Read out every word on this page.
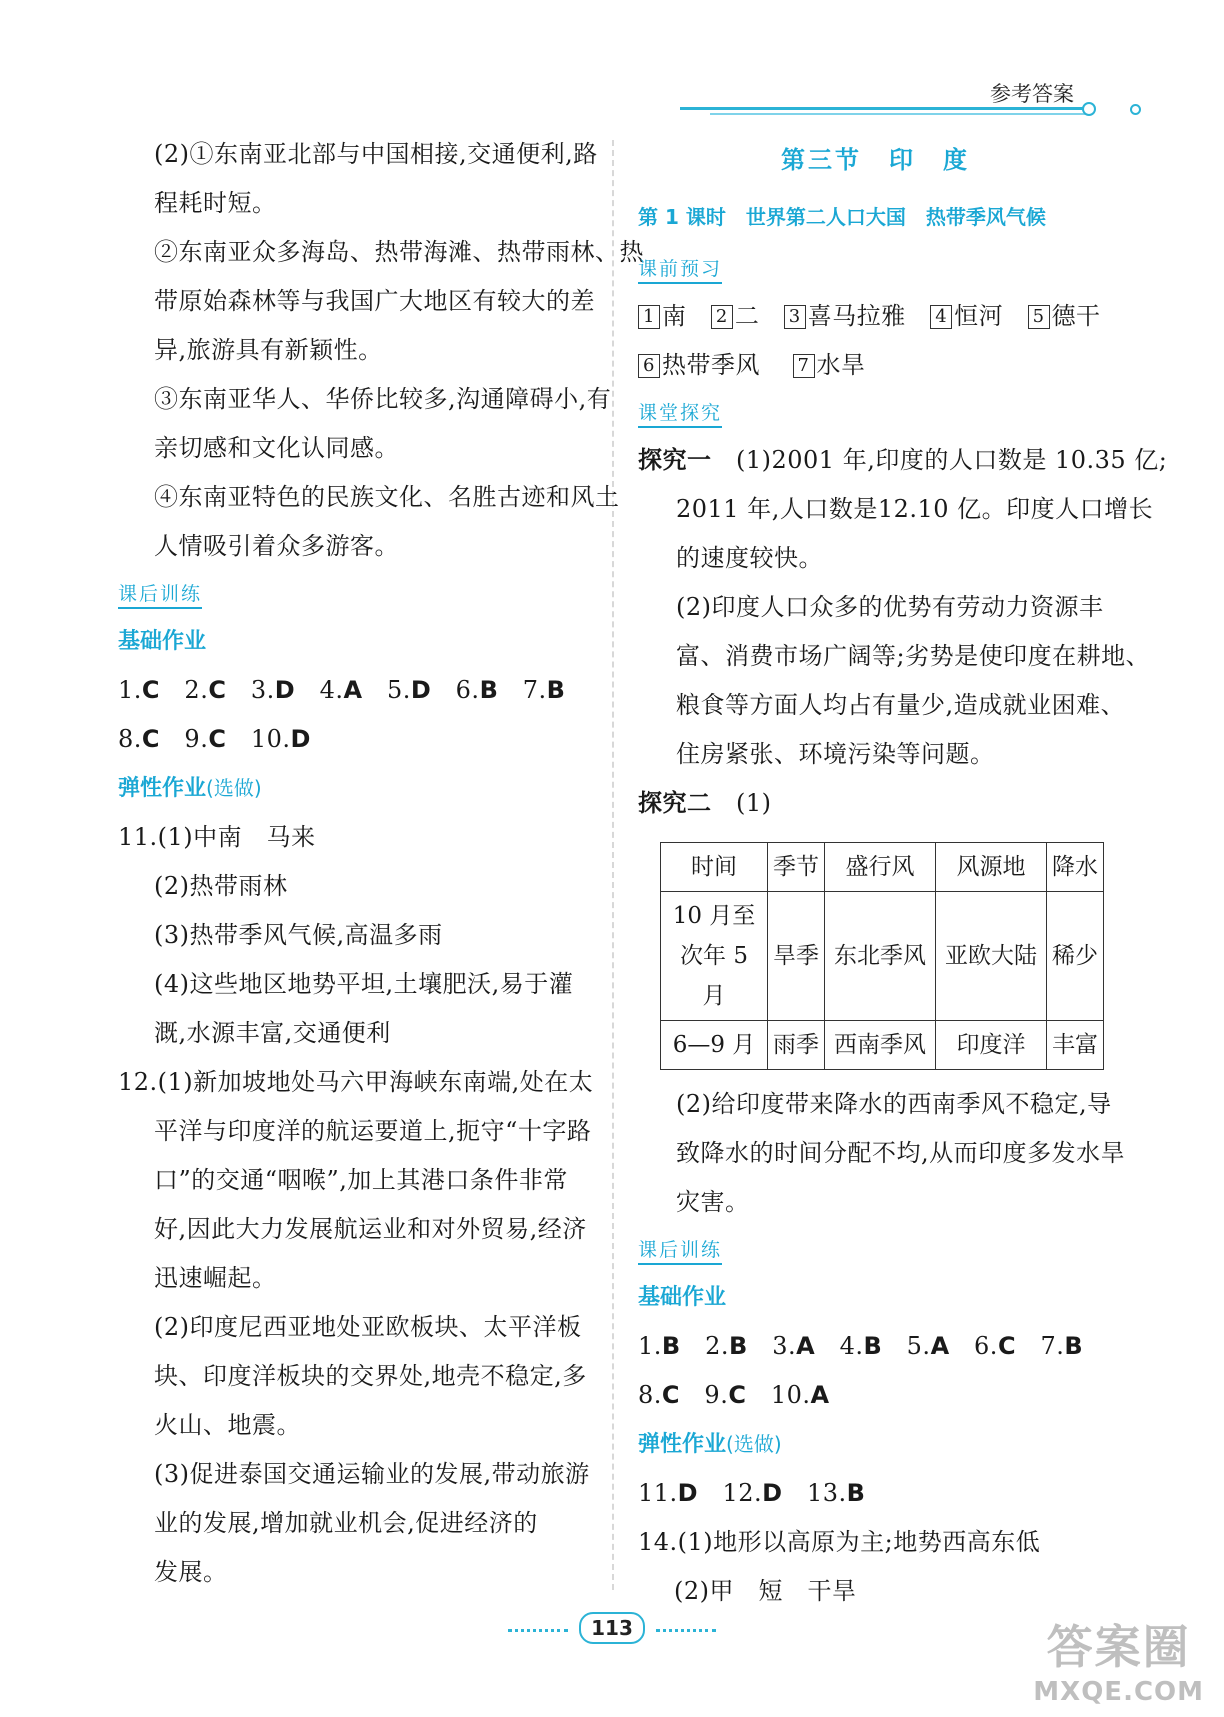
参考答案
(2)①东南亚北部与中国相接,交通便利,路
程耗时短。
②东南亚众多海岛、热带海滩、热带雨林、热
带原始森林等与我国广大地区有较大的差
异,旅游具有新颖性。
③东南亚华人、华侨比较多,沟通障碍小,有
亲切感和文化认同感。
④东南亚特色的民族文化、名胜古迹和风土
人情吸引着众多游客。
课后训练
基础作业
1.C 2.C 3.D 4.A 5.D 6.B 7.B
8.C 9.C 10.D
弹性作业(选做)
11.(1)中南　马来
(2)热带雨林
(3)热带季风气候,高温多雨
(4)这些地区地势平坦,土壤肥沃,易于灌
溉,水源丰富,交通便利
12.(1)新加坡地处马六甲海峡东南端,处在太
平洋与印度洋的航运要道上,扼守“十字路
口”的交通“咽喉”,加上其港口条件非常
好,因此大力发展航运业和对外贸易,经济
迅速崛起。
(2)印度尼西亚地处亚欧板块、太平洋板
块、印度洋板块的交界处,地壳不稳定,多
火山、地震。
(3)促进泰国交通运输业的发展,带动旅游
业的发展,增加就业机会,促进经济的
发展。
第三节　印　度
第 1 课时　世界第二人口大国　热带季风气候
课前预习
1 南 2 二 3 喜马拉雅 4 恒河 5 德干
6 热带季风 7 水旱
课堂探究
探究一　(1)2001 年,印度的人口数是 10.35 亿;
2011 年,人口数是12.10 亿。印度人口增长
的速度较快。
(2)印度人口众多的优势有劳动力资源丰
富、消费市场广阔等;劣势是使印度在耕地、
粮食等方面人均占有量少,造成就业困难、
住房紧张、环境污染等问题。
探究二　(1)
时间	季节	盛行风	风源地	降水
10 月至次年 5 月	旱季	东北季风	亚欧大陆	稀少
6—9 月	雨季	西南季风	印度洋	丰富
(2)给印度带来降水的西南季风不稳定,导
致降水的时间分配不均,从而印度多发水旱
灾害。
课后训练
基础作业
1.B 2.B 3.A 4.B 5.A 6.C 7.B
8.C 9.C 10.A
弹性作业(选做)
11.D 12.D 13.B
14.(1)地形以高原为主;地势西高东低
(2)甲　短　干旱
113	答案圈
MXQE.COM
